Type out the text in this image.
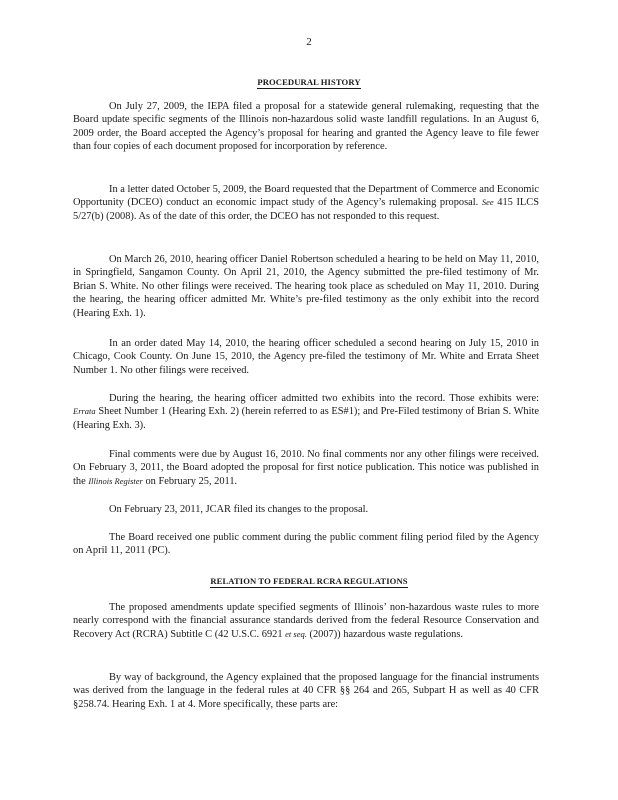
2
PROCEDURAL HISTORY

On July 27, 2009, the IEPA filed a proposal for a statewide general rulemaking, requesting that the Board update specific segments of the Illinois non-hazardous solid waste landfill regulations. In an August 6, 2009 order, the Board accepted the Agency’s proposal for hearing and granted the Agency leave to file fewer than four copies of each document proposed for incorporation by reference.

In a letter dated October 5, 2009, the Board requested that the Department of Commerce and Economic Opportunity (DCEO) conduct an economic impact study of the Agency’s rulemaking proposal. See 415 ILCS 5/27(b) (2008). As of the date of this order, the DCEO has not responded to this request.

On March 26, 2010, hearing officer Daniel Robertson scheduled a hearing to be held on May 11, 2010, in Springfield, Sangamon County. On April 21, 2010, the Agency submitted the pre-filed testimony of Mr. Brian S. White. No other filings were received. The hearing took place as scheduled on May 11, 2010. During the hearing, the hearing officer admitted Mr. White’s pre-filed testimony as the only exhibit into the record (Hearing Exh. 1).

In an order dated May 14, 2010, the hearing officer scheduled a second hearing on July 15, 2010 in Chicago, Cook County. On June 15, 2010, the Agency pre-filed the testimony of Mr. White and Errata Sheet Number 1. No other filings were received.

During the hearing, the hearing officer admitted two exhibits into the record. Those exhibits were: Errata Sheet Number 1 (Hearing Exh. 2) (herein referred to as ES#1); and Pre-Filed testimony of Brian S. White (Hearing Exh. 3).

Final comments were due by August 16, 2010. No final comments nor any other filings were received. On February 3, 2011, the Board adopted the proposal for first notice publication. This notice was published in the Illinois Register on February 25, 2011.

On February 23, 2011, JCAR filed its changes to the proposal.

The Board received one public comment during the public comment filing period filed by the Agency on April 11, 2011 (PC).

RELATION TO FEDERAL RCRA REGULATIONS

The proposed amendments update specified segments of Illinois’ non-hazardous waste rules to more nearly correspond with the financial assurance standards derived from the federal Resource Conservation and Recovery Act (RCRA) Subtitle C (42 U.S.C. 6921 et seq. (2007)) hazardous waste regulations.

By way of background, the Agency explained that the proposed language for the financial instruments was derived from the language in the federal rules at 40 CFR §§ 264 and 265, Subpart H as well as 40 CFR §258.74. Hearing Exh. 1 at 4. More specifically, these parts are:
